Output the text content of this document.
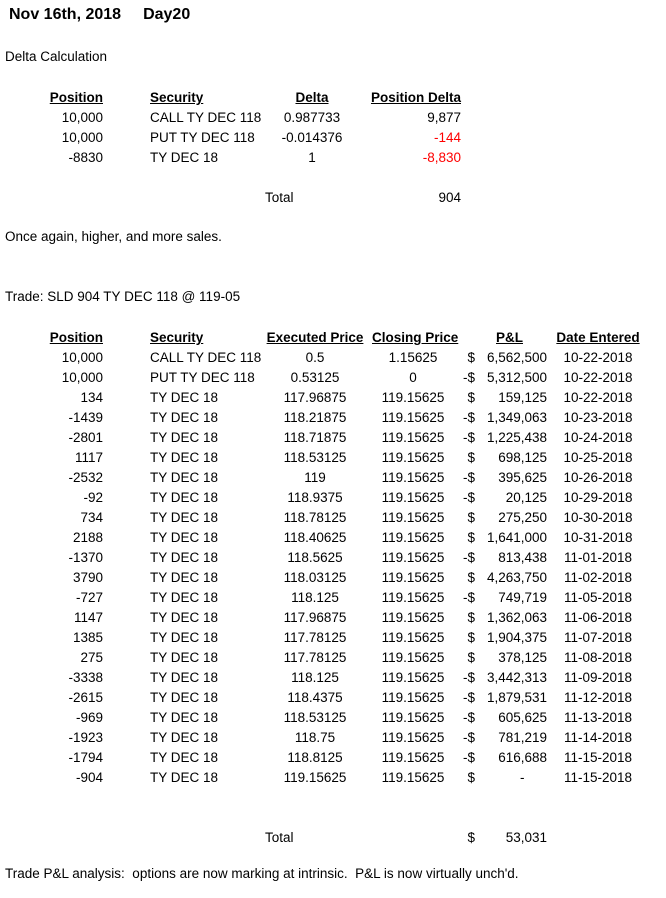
Nov 16th, 2018 Day20
Delta Calculation
Position	Security	Delta	Position Delta
10,000	CALL TY DEC 118	0.987733	9,877
10,000	PUT TY DEC 118	-0.014376	-144
-8830	TY DEC 18	1	-8,830

		Total	904
Once again, higher, and more sales.
Trade: SLD 904 TY DEC 118 @ 119-05
Position	Security	Executed Price	Closing Price	P&L	Date Entered
10,000	CALL TY DEC 118	0.5	1.15625	$ 6,562,500	10-22-2018
10,000	PUT TY DEC 118	0.53125	0	-$ 5,312,500	10-22-2018
134	TY DEC 18	117.96875	119.15625	$ 159,125	10-22-2018
-1439	TY DEC 18	118.21875	119.15625	-$ 1,349,063	10-23-2018
-2801	TY DEC 18	118.71875	119.15625	-$ 1,225,438	10-24-2018
1117	TY DEC 18	118.53125	119.15625	$ 698,125	10-25-2018
-2532	TY DEC 18	119	119.15625	-$ 395,625	10-26-2018
-92	TY DEC 18	118.9375	119.15625	-$ 20,125	10-29-2018
734	TY DEC 18	118.78125	119.15625	$ 275,250	10-30-2018
2188	TY DEC 18	118.40625	119.15625	$ 1,641,000	10-31-2018
-1370	TY DEC 18	118.5625	119.15625	-$ 813,438	11-01-2018
3790	TY DEC 18	118.03125	119.15625	$ 4,263,750	11-02-2018
-727	TY DEC 18	118.125	119.15625	-$ 749,719	11-05-2018
1147	TY DEC 18	117.96875	119.15625	$ 1,362,063	11-06-2018
1385	TY DEC 18	117.78125	119.15625	$ 1,904,375	11-07-2018
275	TY DEC 18	117.78125	119.15625	$ 378,125	11-08-2018
-3338	TY DEC 18	118.125	119.15625	-$ 3,442,313	11-09-2018
-2615	TY DEC 18	118.4375	119.15625	-$ 1,879,531	11-12-2018
-969	TY DEC 18	118.53125	119.15625	-$ 605,625	11-13-2018
-1923	TY DEC 18	118.75	119.15625	-$ 781,219	11-14-2018
-1794	TY DEC 18	118.8125	119.15625	-$ 616,688	11-15-2018
-904	TY DEC 18	119.15625	119.15625	$ -   	11-15-2018

		Total		$ 53,031	
Trade P&L analysis:  options are now marking at intrinsic.  P&L is now virtually unch'd.
